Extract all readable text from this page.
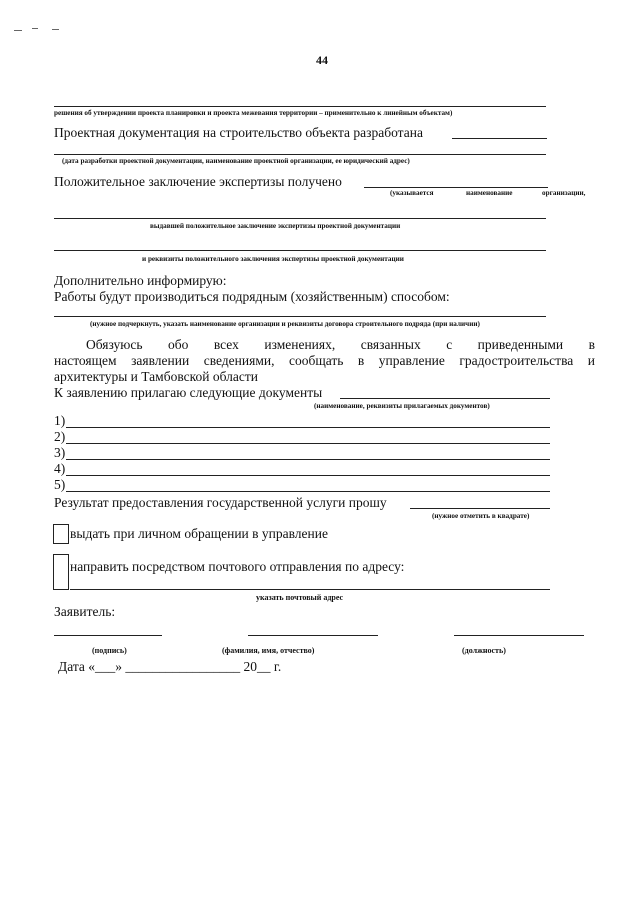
44
решения об утверждении проекта планировки и проекта межевания территории – применительно к линейным объектам)
Проектная документация на строительство объекта разработана
(дата разработки проектной документации, наименование проектной организации, ее юридический адрес)
Положительное заключение экспертизы получено
(указывается	наименование	организации,
выдавшей положительное заключение экспертизы проектной документации
и реквизиты положительного заключения экспертизы проектной документации
Дополнительно информирую:
Работы будут производиться подрядным (хозяйственным) способом:
(нужное подчеркнуть, указать наименование организации и реквизиты договора строительного подряда (при наличии)
Обязуюсь обо всех изменениях, связанных с приведенными в
настоящем заявлении сведениями, сообщать в управление градостроительства и
архитектуры и Тамбовской области
К заявлению прилагаю следующие документы
(наименование, реквизиты прилагаемых документов)
1)
2)
3)
4)
5)
Результат предоставления государственной услуги прошу
(нужное отметить в квадрате)
выдать при личном обращении в управление
направить посредством почтового отправления по адресу:
указать почтовый адрес
Заявитель:
(подпись)	(фамилия, имя, отчество)	(должность)
Дата «___» _________________ 20__ г.
